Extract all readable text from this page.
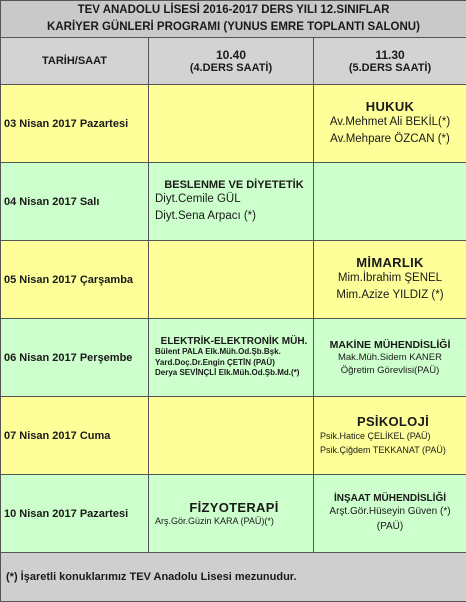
TEV ANADOLU LİSESİ 2016-2017 DERS YILI 12.SINIFLAR
KARİYER GÜNLERİ PROGRAMI (YUNUS EMRE TOPLANTI SALONU)		

TARİH/SAAT	10.40
(4.DERS SAATİ)	11.30
(5.DERS SAATİ)
03 Nisan 2017 Pazartesi		HUKUK
Av.Mehmet Ali BEKİL(*)
Av.Mehpare ÖZCAN (*)

04 Nisan 2017 Salı	BESLENME VE DİYETETİK
Diyt.Cemile GÜL
Diyt.Sena Arpacı (*)	

05 Nisan 2017 Çarşamba		MİMARLIK
Mim.İbrahim ŞENEL
Mim.Azize YILDIZ (*)

06 Nisan 2017 Perşembe	ELEKTRİK-ELEKTRONİK MÜH.
Bülent PALA Elk.Müh.Od.Şb.Bşk.
Yard.Doç.Dr.Engin ÇETİN (PAÜ)
Derya SEVİNÇLİ Elk.Müh.Od.Şb.Md.(*)	MAKİNE MÜHENDİSLİĞİ
Mak.Müh.Sidem KANER
Öğretim Görevlisi(PAÜ)

07 Nisan 2017 Cuma		PSİKOLOJİ
Psik.Hatice ÇELİKEL (PAÜ)
Psik.Çiğdem TEKKANAT (PAÜ)

10 Nisan 2017 Pazartesi	FİZYOTERAPİ
Arş.Gör.Güzin KARA (PAÜ)(*)	İNŞAAT MÜHENDİSLİĞİ
Arşt.Gör.Hüseyin Güven (*)
(PAÜ)

(*) İşaretli konuklarımız TEV Anadolu Lisesi mezunudur.		
